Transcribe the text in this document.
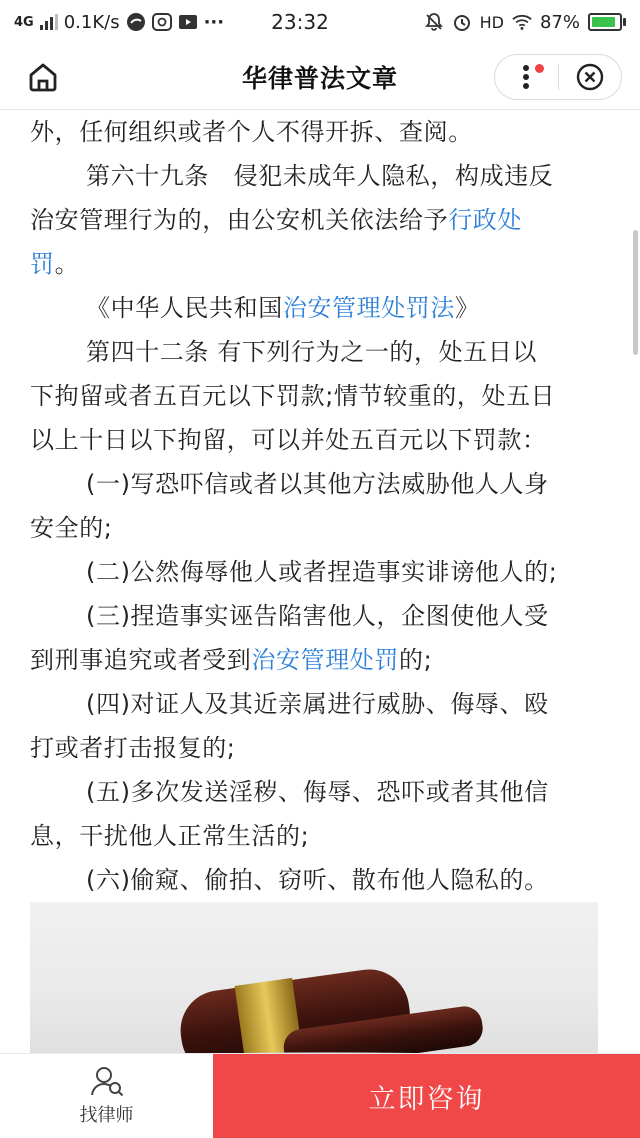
4G 0.1K/s	···	23:32	HD 87%
华律普法文章

外，任何组织或者个人不得开拆、查阅。

第六十九条　侵犯未成年人隐私，构成违反

治安管理行为的，由公安机关依法给予行政处

罚。

《中华人民共和国治安管理处罚法》

第四十二条 有下列行为之一的，处五日以

下拘留或者五百元以下罚款;情节较重的，处五日

以上十日以下拘留，可以并处五百元以下罚款：

(一)写恐吓信或者以其他方法威胁他人人身

安全的;

(二)公然侮辱他人或者捏造事实诽谤他人的;

(三)捏造事实诬告陷害他人，企图使他人受

到刑事追究或者受到治安管理处罚的;

(四)对证人及其近亲属进行威胁、侮辱、殴

打或者打击报复的;

(五)多次发送淫秽、侮辱、恐吓或者其他信

息，干扰他人正常生活的;

(六)偷窥、偷拍、窃听、散布他人隐私的。

找律师
立即咨询
